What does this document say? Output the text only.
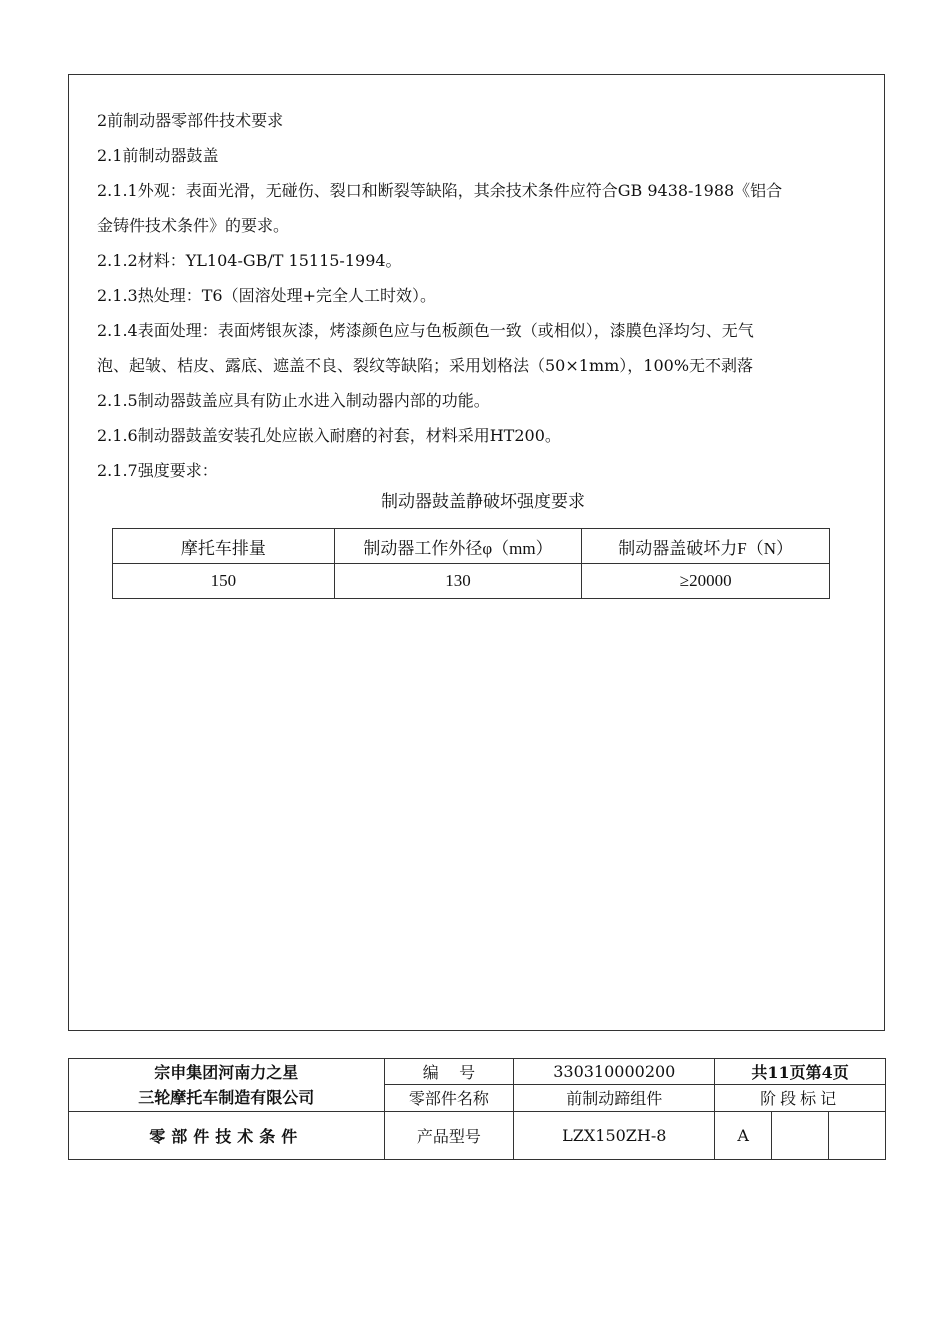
2前制动器零部件技术要求
2.1前制动器鼓盖
2.1.1外观：表面光滑，无碰伤、裂口和断裂等缺陷，其余技术条件应符合GB 9438-1988《铝合
金铸件技术条件》的要求。
2.1.2材料：YL104-GB/T 15115-1994。
2.1.3热处理：T6（固溶处理+完全人工时效）。
2.1.4表面处理：表面烤银灰漆，烤漆颜色应与色板颜色一致（或相似），漆膜色泽均匀、无气
泡、起皱、桔皮、露底、遮盖不良、裂纹等缺陷；采用划格法（50×1mm），100%无不剥落
2.1.5制动器鼓盖应具有防止水进入制动器内部的功能。
2.1.6制动器鼓盖安装孔处应嵌入耐磨的衬套，材料采用HT200。
2.1.7强度要求：
制动器鼓盖静破坏强度要求
摩托车排量	制动器工作外径φ（mm）	制动器盖破坏力F（N）
150	130	≥20000
宗申集团河南力之星
三轮摩托车制造有限公司	编    号	330310000200	共11页第4页		
	零部件名称	前制动蹄组件	阶段标记		
零部件技术条件	产品型号	LZX150ZH-8	A		
